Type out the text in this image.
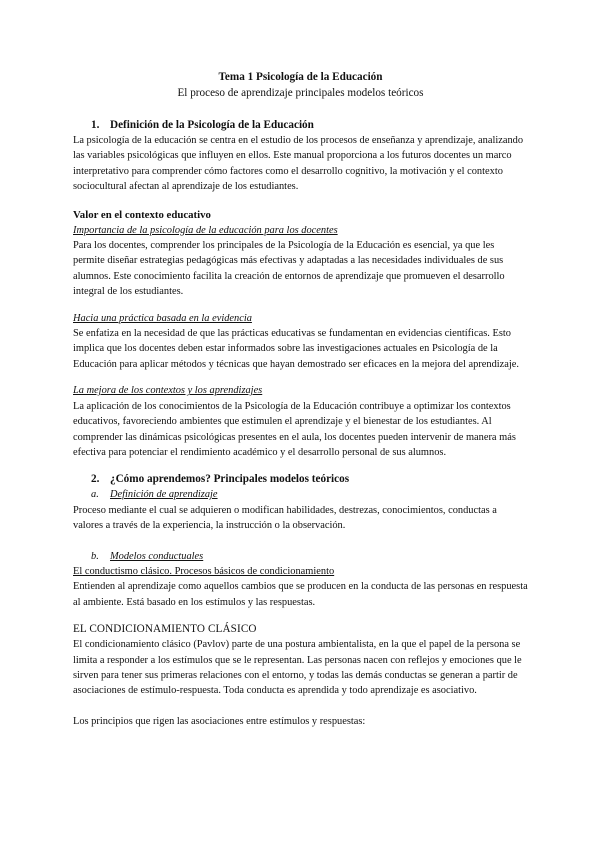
Tema 1 Psicología de la Educación

El proceso de aprendizaje principales modelos teóricos

1. Definición de la Psicología de la Educación

La psicología de la educación se centra en el estudio de los procesos de enseñanza y aprendizaje, analizando las variables psicológicas que influyen en ellos. Este manual proporciona a los futuros docentes un marco interpretativo para comprender cómo factores como el desarrollo cognitivo, la motivación y el contexto sociocultural afectan al aprendizaje de los estudiantes.

Valor en el contexto educativo

Importancia de la psicología de la educación para los docentes

Para los docentes, comprender los principales de la Psicología de la Educación es esencial, ya que les permite diseñar estrategias pedagógicas más efectivas y adaptadas a las necesidades individuales de sus alumnos. Este conocimiento facilita la creación de entornos de aprendizaje que promueven el desarrollo integral de los estudiantes.

Hacia una práctica basada en la evidencia

Se enfatiza en la necesidad de que las prácticas educativas se fundamentan en evidencias científicas. Esto implica que los docentes deben estar informados sobre las investigaciones actuales en Psicología de la Educación para aplicar métodos y técnicas que hayan demostrado ser eficaces en la mejora del aprendizaje.

La mejora de los contextos y los aprendizajes

La aplicación de los conocimientos de la Psicología de la Educación contribuye a optimizar los contextos educativos, favoreciendo ambientes que estimulen el aprendizaje y el bienestar de los estudiantes. Al comprender las dinámicas psicológicas presentes en el aula, los docentes pueden intervenir de manera más efectiva para potenciar el rendimiento académico y el desarrollo personal de sus alumnos.

2. ¿Cómo aprendemos? Principales modelos teóricos

a. Definición de aprendizaje

Proceso mediante el cual se adquieren o modifican habilidades, destrezas, conocimientos, conductas a valores a través de la experiencia, la instrucción o la observación.

b. Modelos conductuales

El conductismo clásico. Procesos básicos de condicionamiento

Entienden al aprendizaje como aquellos cambios que se producen en la conducta de las personas en respuesta al ambiente. Está basado en los estímulos y las respuestas.

EL CONDICIONAMIENTO CLÁSICO

El condicionamiento clásico (Pavlov) parte de una postura ambientalista, en la que el papel de la persona se limita a responder a los estímulos que se le representan. Las personas nacen con reflejos y emociones que le sirven para tener sus primeras relaciones con el entorno, y todas las demás conductas se generan a partir de asociaciones de estímulo-respuesta. Toda conducta es aprendida y todo aprendizaje es asociativo.

Los principios que rigen las asociaciones entre estímulos y respuestas:
